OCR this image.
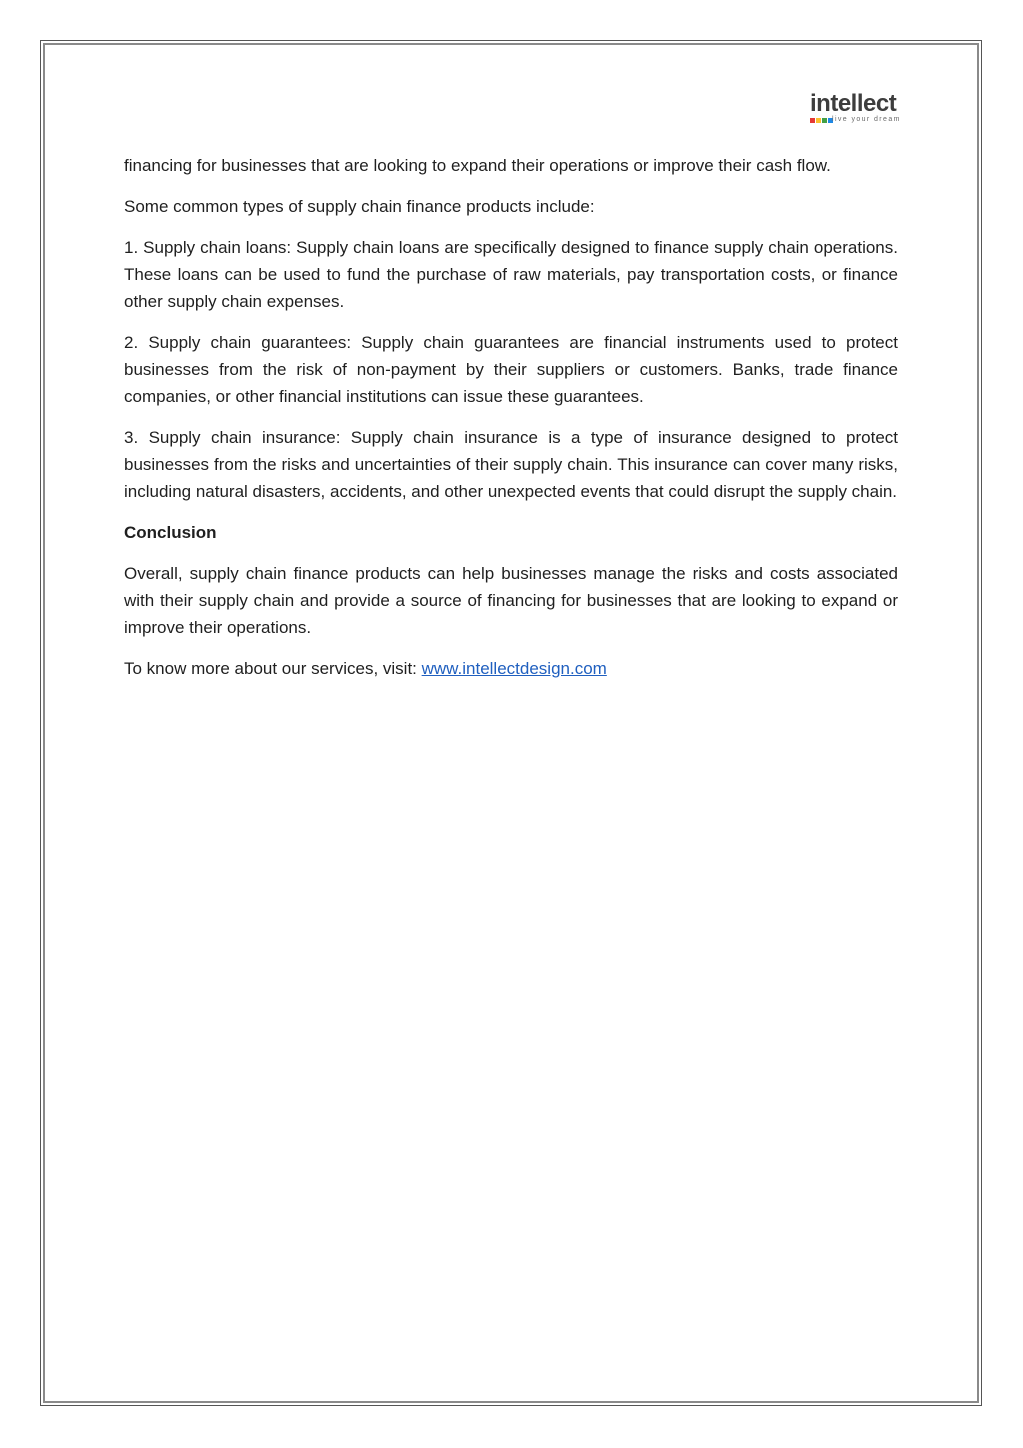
intellect
live your dream

financing for businesses that are looking to expand their operations or improve their cash flow.

Some common types of supply chain finance products include:

1. Supply chain loans: Supply chain loans are specifically designed to finance supply chain operations. These loans can be used to fund the purchase of raw materials, pay transportation costs, or finance other supply chain expenses.

2. Supply chain guarantees: Supply chain guarantees are financial instruments used to protect businesses from the risk of non-payment by their suppliers or customers. Banks, trade finance companies, or other financial institutions can issue these guarantees.

3. Supply chain insurance: Supply chain insurance is a type of insurance designed to protect businesses from the risks and uncertainties of their supply chain. This insurance can cover many risks, including natural disasters, accidents, and other unexpected events that could disrupt the supply chain.

Conclusion

Overall, supply chain finance products can help businesses manage the risks and costs associated with their supply chain and provide a source of financing for businesses that are looking to expand or improve their operations.

To know more about our services, visit: www.intellectdesign.com
